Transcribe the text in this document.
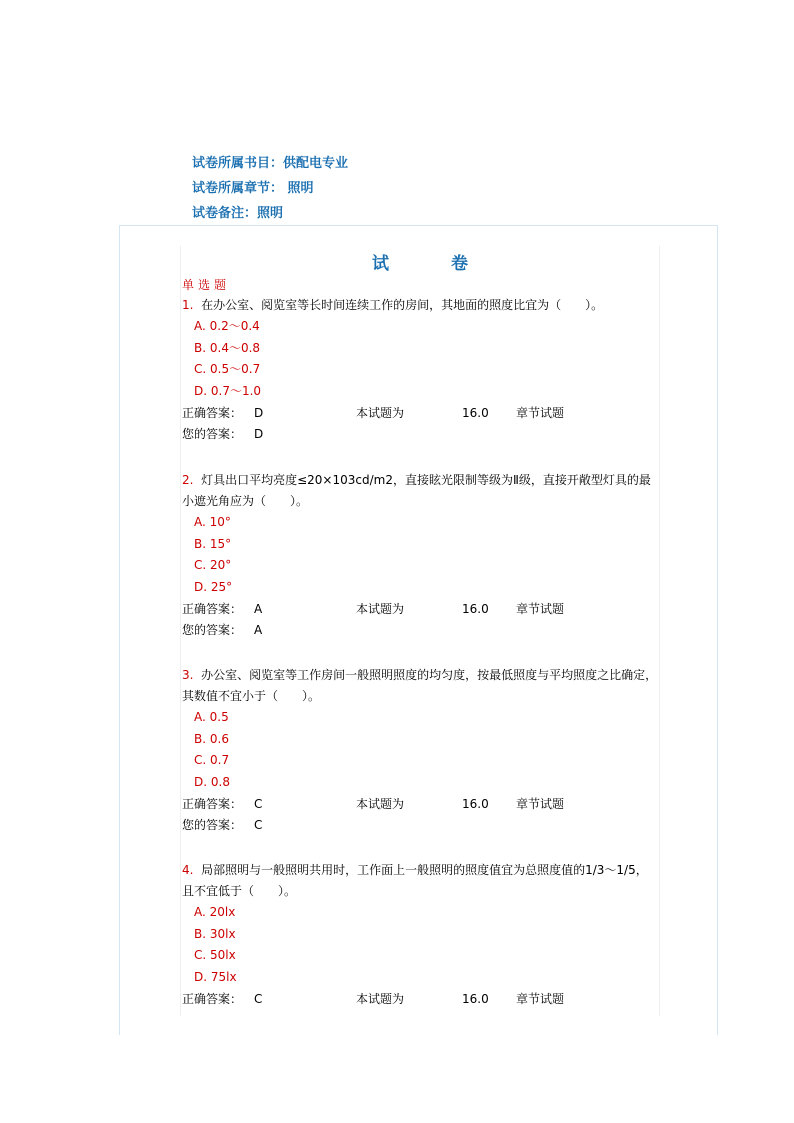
试卷所属书目：供配电专业
试卷所属章节： 照明
试卷备注：照明
试卷
单选题

1. 在办公室、阅览室等长时间连续工作的房间，其地面的照度比宜为（　　）。

A. 0.2～0.4
B. 0.4～0.8
C. 0.5～0.7
D. 0.7～1.0
正确答案： D	本试题为	16.0 章节试题
您的答案： D

2. 灯具出口平均亮度≤20×103cd/m2，直接眩光限制等级为Ⅱ级，直接开敞型灯具的最小遮光角应为（　　）。

A. 10°
B. 15°
C. 20°
D. 25°
正确答案： A	本试题为	16.0 章节试题
您的答案： A

3. 办公室、阅览室等工作房间一般照明照度的均匀度，按最低照度与平均照度之比确定，其数值不宜小于（　　）。

A. 0.5
B. 0.6
C. 0.7
D. 0.8
正确答案： C	本试题为	16.0 章节试题
您的答案： C

4. 局部照明与一般照明共用时，工作面上一般照明的照度值宜为总照度值的1/3～1/5，且不宜低于（　　）。

A. 20lx
B. 30lx
C. 50lx
D. 75lx
正确答案： C	本试题为	16.0 章节试题
